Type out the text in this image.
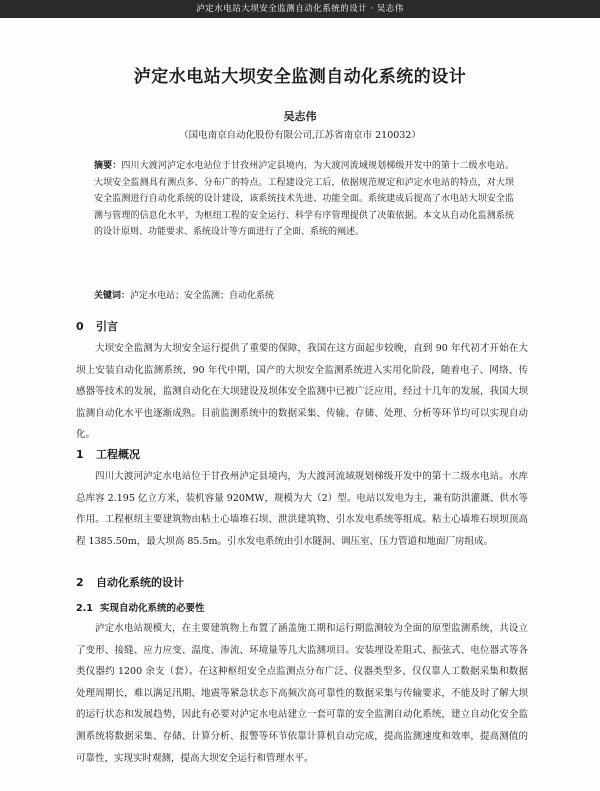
泸定水电站大坝安全监测自动化系统的设计 · 吴志伟
泸定水电站大坝安全监测自动化系统的设计
吴志伟
（国电南京自动化股份有限公司,江苏省南京市 210032）
摘要：四川大渡河泸定水电站位于甘孜州泸定县境内，为大渡河流域规划梯级开发中的第十二级水电站。大坝安全监测具有测点多、分布广的特点。工程建设完工后，依据规范规定和泸定水电站的特点，对大坝安全监测进行自动化系统的设计建设，该系统技术先进、功能全面。系统建成后提高了水电站大坝安全监测与管理的信息化水平，为枢纽工程的安全运行、科学有序管理提供了决策依据。本文从自动化监测系统的设计原则、功能要求、系统设计等方面进行了全面、系统的阐述。
关键词：泸定水电站；安全监测；自动化系统
0 引言
大坝安全监测为大坝安全运行提供了重要的保障，我国在这方面起步较晚，直到 90 年代初才开始在大坝上安装自动化监测系统，90 年代中期，国产的大坝安全监测系统进入实用化阶段，随着电子、网络、传感器等技术的发展，监测自动化在大坝建设及坝体安全监测中已被广泛应用，经过十几年的发展，我国大坝监测自动化水平也逐渐成熟。目前监测系统中的数据采集、传输、存储、处理、分析等环节均可以实现自动化。
1 工程概况
四川大渡河泸定水电站位于甘孜州泸定县境内，为大渡河流域规划梯级开发中的第十二级水电站。水库总库容 2.195 亿立方米，装机容量 920MW，规模为大（2）型。电站以发电为主，兼有防洪灌溉、供水等作用。工程枢纽主要建筑物由粘土心墙堆石坝、泄洪建筑物、引水发电系统等组成。粘土心墙堆石坝坝顶高程 1385.50m，最大坝高 85.5m。引水发电系统由引水隧洞、调压室、压力管道和地面厂房组成。
2 自动化系统的设计
2.1 实现自动化系统的必要性
泸定水电站规模大，在主要建筑物上布置了涵盖施工期和运行期监测较为全面的原型监测系统，共设立了变形、接缝、应力应变、温度、渗流、环境量等几大监测项目。安装埋设差阻式、振弦式、电位器式等各类仪器约 1200 余支（套）。在这种枢纽安全点监测点分布广泛、仪器类型多、仅仅靠人工数据采集和数据处理周期长，难以满足汛期、地震等紧急状态下高频次高可靠性的数据采集与传输要求，不能及时了解大坝的运行状态和发展趋势，因此有必要对泸定水电站建立一套可靠的安全监测自动化系统，建立自动化安全监测系统将数据采集、存储、计算分析、报警等环节依靠计算机自动完成，提高监测速度和效率，提高测值的可靠性，实现实时观测，提高大坝安全运行和管理水平。
